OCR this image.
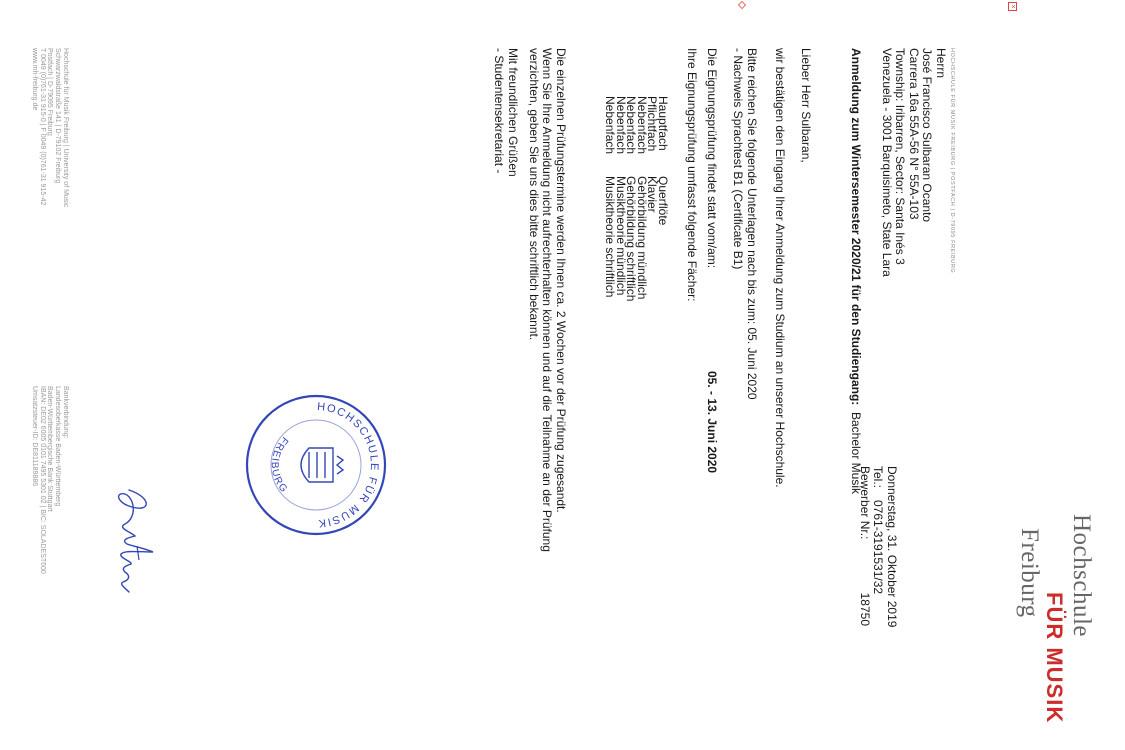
Hochschule
FÜR MUSIK
Freiburg
×
HOCHSCHULE FÜR MUSIK FREIBURG | POSTFACH | D-79095 FREIBURG
Herrn
José Francisco Sulbaran Ocanto
Carrera 16a 55A-56 N° 55A-103
Township: Iribarren, Sector: Santa Inés 3
Venezuela - 3001 Barquisimeto, State Lara
Donnerstag, 31. Oktober 2019
Tel.:
0761-3191531/32
Bewerber Nr.:
18750
Anmeldung zum Wintersemester 2020/21 für den Studiengang:  Bachelor Musik
Lieber Herr Sulbaran,
wir bestätigen den Eingang Ihrer Anmeldung zum Studium an unserer Hochschule.
Bitte reichen Sie folgende Unterlagen nach bis zum: 05. Juni 2020
- Nachweis Sprachtest B1 (Certificate B1)
Die Eignungsprüfung findet statt vom/am:
05. - 13. Juni 2020
Ihre Eignungsprüfung umfasst folgende Fächer:
Hauptfach
Querflöte
Pflichtfach
Klavier
Nebenfach
Gehörbildung mündlich
Nebenfach
Gehörbildung schriftlich
Nebenfach
Musiktheorie mündlich
Nebenfach
Musiktheorie schriftlich
Die einzelnen Prüfungstermine werden Ihnen ca. 2 Wochen vor der Prüfung zugesandt.
Wenn Sie Ihre Anmeldung nicht aufrechterhalten können und auf die Teilnahme an der Prüfung
verzichten, geben Sie uns dies bitte schriftlich bekannt.
Mit freundlichen Grüßen
- Studentensekretariat -
HOCHSCHULE FÜR MUSIK
FREIBURG
Hochschule für Musik Freiburg | University of Music
Schwarzwaldstraße 141 | D-79102 Freiburg
Postfach | D-79095 Freiburg
T 0049 (0)761-31 915-0 | F 0049 (0)761-31 915-42
www.mh-freiburg.de
Bankverbindung:
Landesoberkasse Baden-Württemberg
Baden-Württembergische Bank Stuttgart
IBAN: DE02 6005 0101 7495 5301 02 | BIC: SOLADEST600
Umsatzsteuer-ID: DE811189886
